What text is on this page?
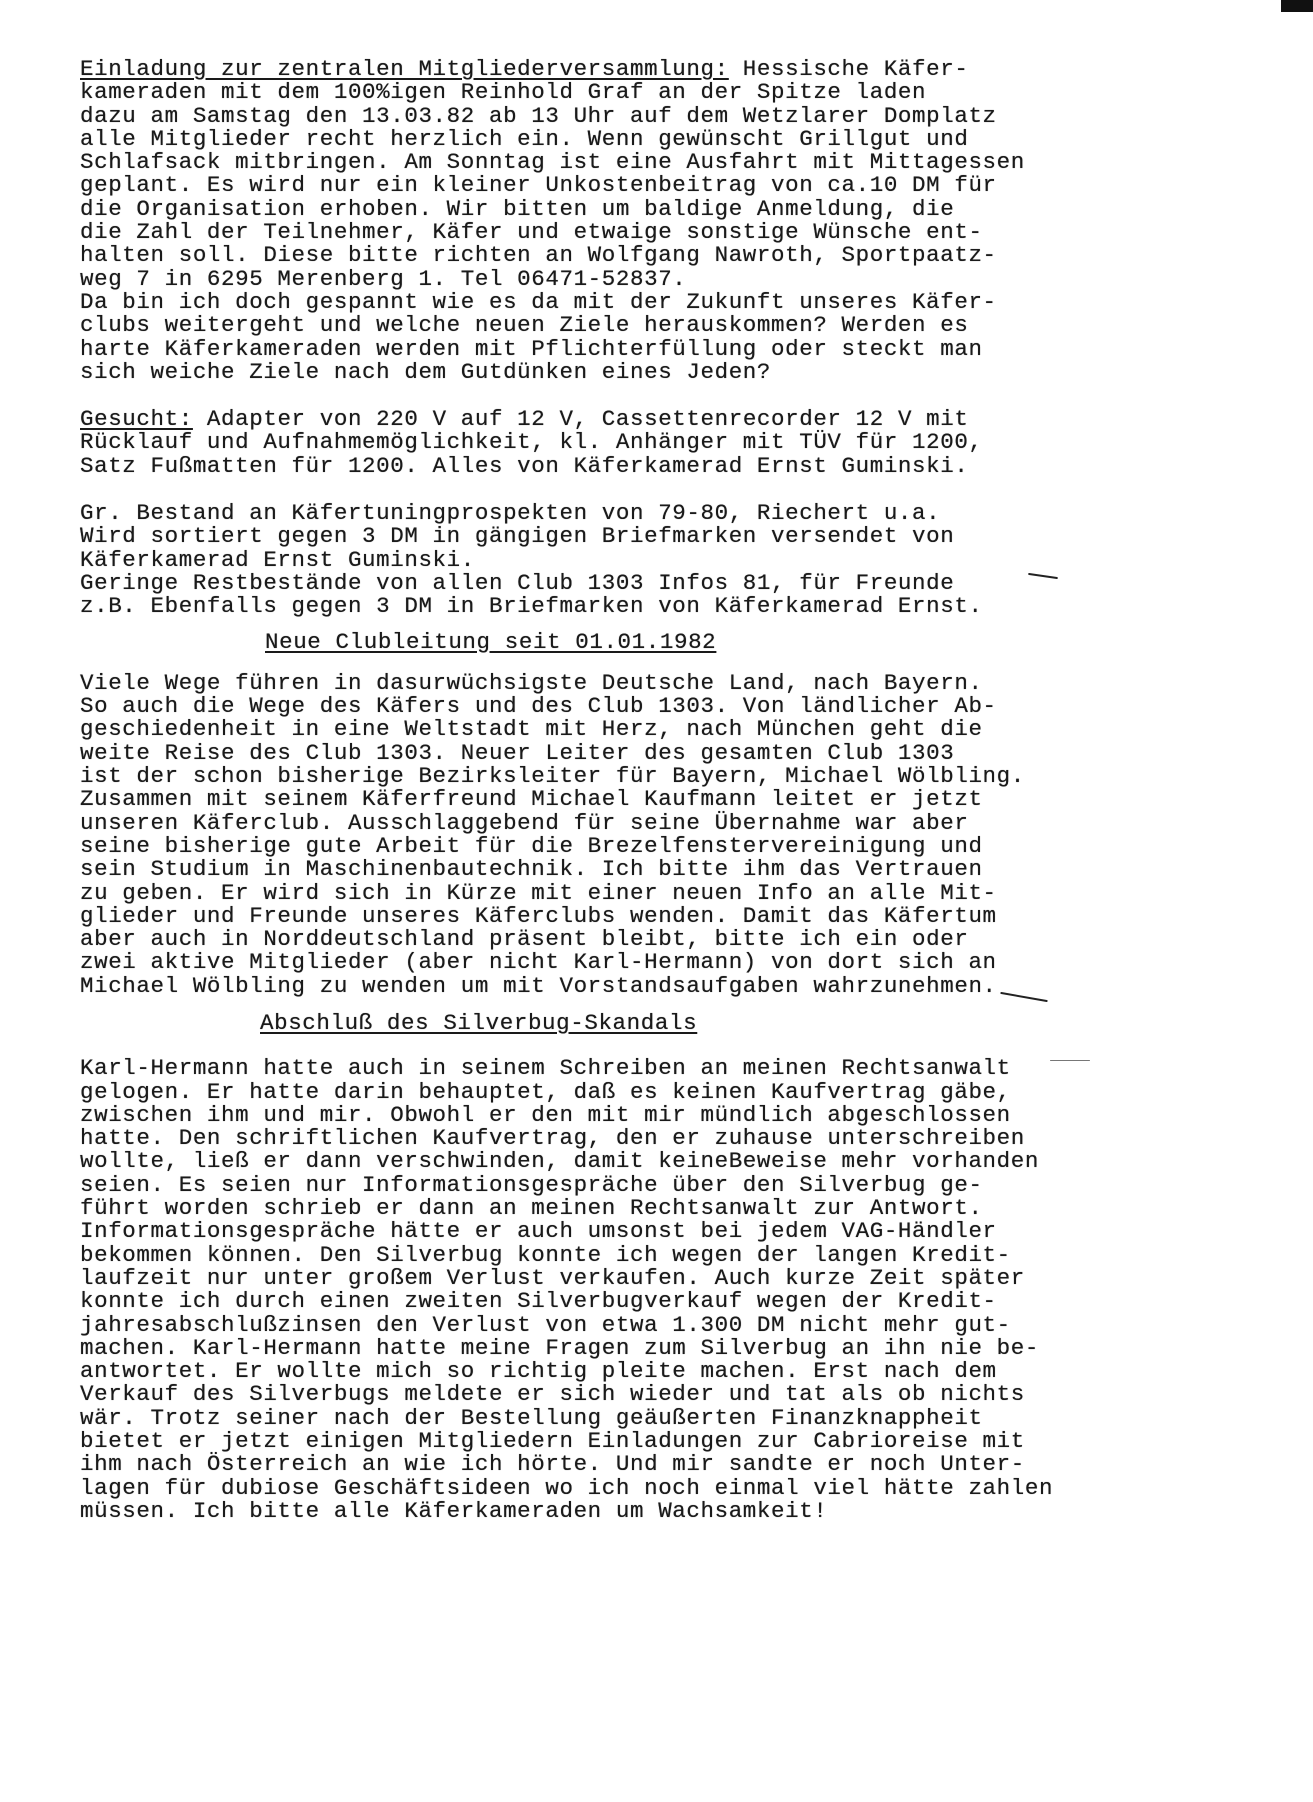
Einladung zur zentralen Mitgliederversammlung: Hessische Käfer-
kameraden mit dem 100%igen Reinhold Graf an der Spitze laden
dazu am Samstag den 13.03.82 ab 13 Uhr auf dem Wetzlarer Domplatz
alle Mitglieder recht herzlich ein. Wenn gewünscht Grillgut und
Schlafsack mitbringen. Am Sonntag ist eine Ausfahrt mit Mittagessen
geplant. Es wird nur ein kleiner Unkostenbeitrag von ca.10 DM für
die Organisation erhoben. Wir bitten um baldige Anmeldung, die
die Zahl der Teilnehmer, Käfer und etwaige sonstige Wünsche ent-
halten soll. Diese bitte richten an Wolfgang Nawroth, Sportpaatz-
weg 7 in 6295 Merenberg 1. Tel 06471-52837.
Da bin ich doch gespannt wie es da mit der Zukunft unseres Käfer-
clubs weitergeht und welche neuen Ziele herauskommen? Werden es
harte Käferkameraden werden mit Pflichterfüllung oder steckt man
sich weiche Ziele nach dem Gutdünken eines Jeden?
Gesucht: Adapter von 220 V auf 12 V, Cassettenrecorder 12 V mit
Rücklauf und Aufnahmemöglichkeit, kl. Anhänger mit TÜV für 1200,
Satz Fußmatten für 1200. Alles von Käferkamerad Ernst Guminski.
Gr. Bestand an Käfertuningprospekten von 79-80, Riechert u.a.
Wird sortiert gegen 3 DM in gängigen Briefmarken versendet von
Käferkamerad Ernst Guminski.
Geringe Restbestände von allen Club 1303 Infos 81, für Freunde
z.B. Ebenfalls gegen 3 DM in Briefmarken von Käferkamerad Ernst.
Neue Clubleitung seit 01.01.1982
Viele Wege führen in dasurwüchsigste Deutsche Land, nach Bayern.
So auch die Wege des Käfers und des Club 1303. Von ländlicher Ab-
geschiedenheit in eine Weltstadt mit Herz, nach München geht die
weite Reise des Club 1303. Neuer Leiter des gesamten Club 1303
ist der schon bisherige Bezirksleiter für Bayern, Michael Wölbling.
Zusammen mit seinem Käferfreund Michael Kaufmann leitet er jetzt
unseren Käferclub. Ausschlaggebend für seine Übernahme war aber
seine bisherige gute Arbeit für die Brezelfenstervereinigung und
sein Studium in Maschinenbautechnik. Ich bitte ihm das Vertrauen
zu geben. Er wird sich in Kürze mit einer neuen Info an alle Mit-
glieder und Freunde unseres Käferclubs wenden. Damit das Käfertum
aber auch in Norddeutschland präsent bleibt, bitte ich ein oder
zwei aktive Mitglieder (aber nicht Karl-Hermann) von dort sich an
Michael Wölbling zu wenden um mit Vorstandsaufgaben wahrzunehmen.
Abschluß des Silverbug-Skandals
Karl-Hermann hatte auch in seinem Schreiben an meinen Rechtsanwalt
gelogen. Er hatte darin behauptet, daß es keinen Kaufvertrag gäbe,
zwischen ihm und mir. Obwohl er den mit mir mündlich abgeschlossen
hatte. Den schriftlichen Kaufvertrag, den er zuhause unterschreiben
wollte, ließ er dann verschwinden, damit keineBeweise mehr vorhanden
seien. Es seien nur Informationsgespräche über den Silverbug ge-
führt worden schrieb er dann an meinen Rechtsanwalt zur Antwort.
Informationsgespräche hätte er auch umsonst bei jedem VAG-Händler
bekommen können. Den Silverbug konnte ich wegen der langen Kredit-
laufzeit nur unter großem Verlust verkaufen. Auch kurze Zeit später
konnte ich durch einen zweiten Silverbugverkauf wegen der Kredit-
jahresabschlußzinsen den Verlust von etwa 1.300 DM nicht mehr gut-
machen. Karl-Hermann hatte meine Fragen zum Silverbug an ihn nie be-
antwortet. Er wollte mich so richtig pleite machen. Erst nach dem
Verkauf des Silverbugs meldete er sich wieder und tat als ob nichts
wär. Trotz seiner nach der Bestellung geäußerten Finanzknappheit
bietet er jetzt einigen Mitgliedern Einladungen zur Cabrioreise mit
ihm nach Österreich an wie ich hörte. Und mir sandte er noch Unter-
lagen für dubiose Geschäftsideen wo ich noch einmal viel hätte zahlen
müssen. Ich bitte alle Käferkameraden um Wachsamkeit!
